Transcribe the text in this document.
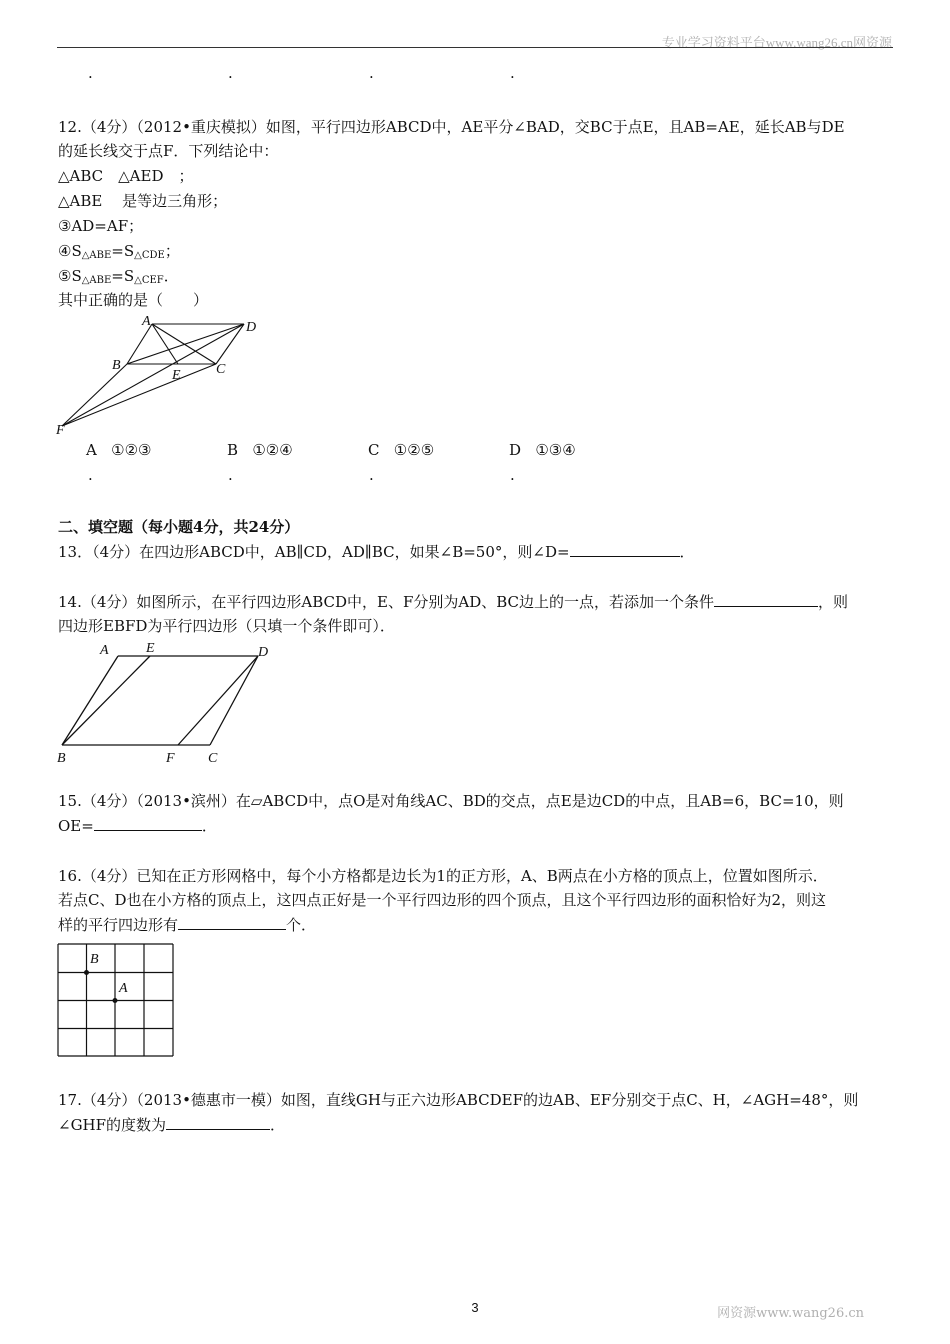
专业学习资料平台www.wang26.cn网资源
.	.	.	.
12.（4分）（2012•重庆模拟）如图，平行四边形ABCD中，AE平分∠BAD，交BC于点E，且AB=AE，延长AB与DE
的延长线交于点F．下列结论中：
△ABC　△AED　；
△ABE　 是等边三角形；
③AD=AF；
$④S_{\triangle ABE}=S_{\triangle CDE}$；
$⑤S_{\triangle ABE}=S_{\triangle CEF}$．
其中正确的是（　　）
A	D
B
E	C
F
A ①②③	B ①②④	C ①②⑤	D ①③④
.	.	.	.
二、填空题（每小题4分，共24分）
13．（4分）在四边形ABCD中，AB∥CD，AD∥BC，如果∠B=50°，则∠D=	．
14.（4分）如图所示，在平行四边形ABCD中，E、F分别为AD、BC边上的一点，若添加一个条件	，则
四边形EBFD为平行四边形（只填一个条件即可）．
A	E	D
B	F C
15.（4分）（2013•滨州）在▱ABCD中，点O是对角线AC、BD的交点，点E是边CD的中点，且AB=6，BC=10，则
OE=	．
16.（4分）已知在正方形网格中，每个小方格都是边长为1的正方形，A、B两点在小方格的顶点上，位置如图所示．
若点C、D也在小方格的顶点上，这四点正好是一个平行四边形的四个顶点，且这个平行四边形的面积恰好为2，则这
样的平行四边形有	个．
B
A
17.（4分）（2013•德惠市一模）如图，直线GH与正六边形ABCDEF的边AB、EF分别交于点C、H，∠AGH=48°，则
∠GHF的度数为	．
3	网资源www.wang26.cn
